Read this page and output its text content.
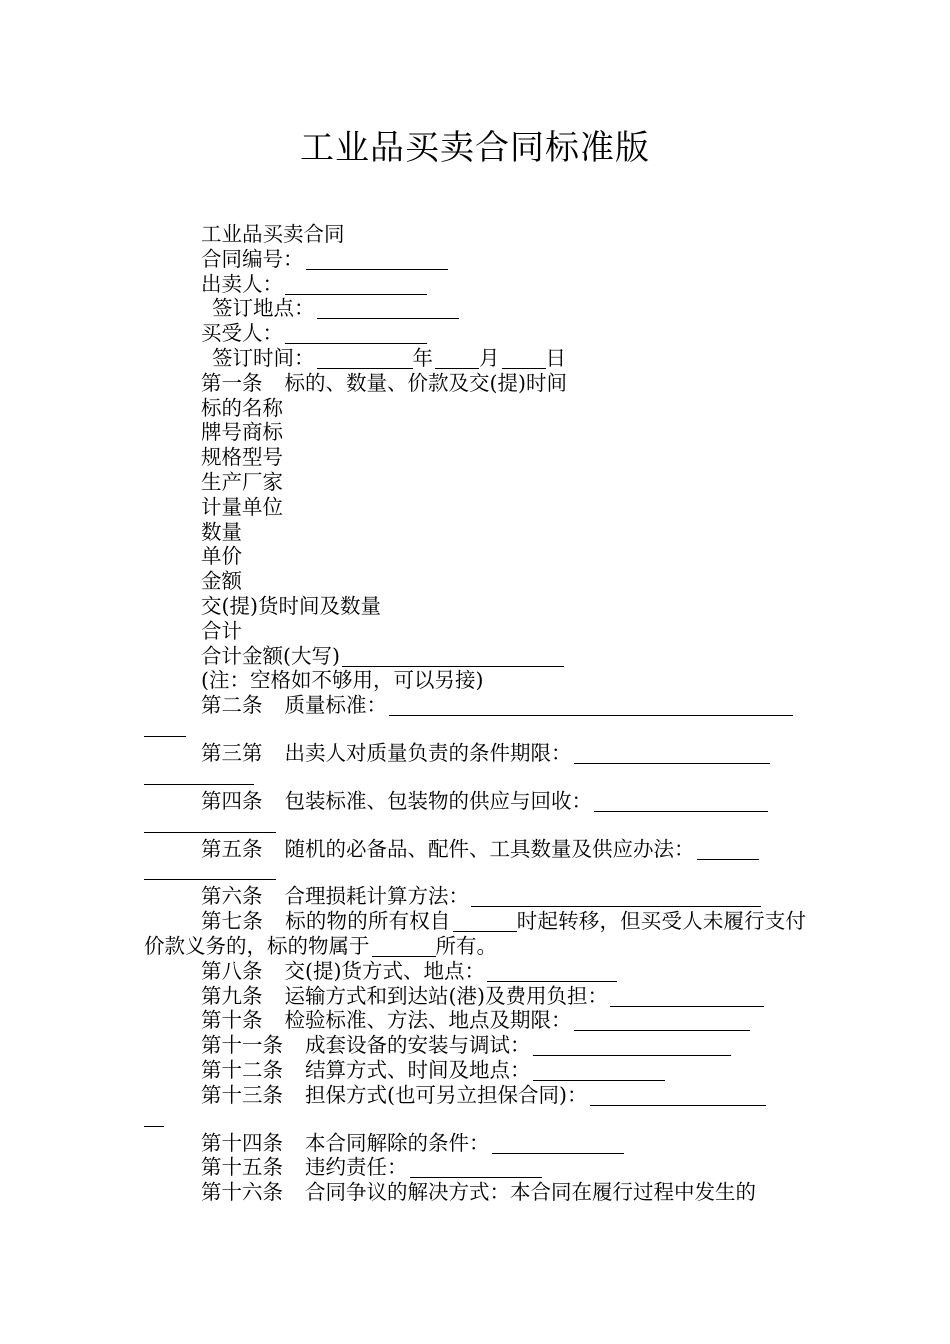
工业品买卖合同标准版
工业品买卖合同
合同编号：
出卖人：
签订地点：
买受人：
签订时间：	年 月 日
第一条 标的、数量、价款及交(提)时间
标的名称
牌号商标
规格型号
生产厂家
计量单位
数量
单价
金额
交(提)货时间及数量
合计
合计金额(大写)
(注：空格如不够用，可以另接)
第二条 质量标准：
第三第 出卖人对质量负责的条件期限：
第四条 包装标准、包装物的供应与回收：
第五条 随机的必备品、配件、工具数量及供应办法：
第六条 合理损耗计算方法：
第七条 标的物的所有权自	时起转移，但买受人未履行支付价款义务的，标的物属于	所有。
第八条 交(提)货方式、地点：
第九条 运输方式和到达站(港)及费用负担：
第十条 检验标准、方法、地点及期限：
第十一条 成套设备的安装与调试：
第十二条 结算方式、时间及地点：
第十三条 担保方式(也可另立担保合同)：
第十四条 本合同解除的条件：
第十五条 违约责任：
第十六条 合同争议的解决方式：本合同在履行过程中发生的
